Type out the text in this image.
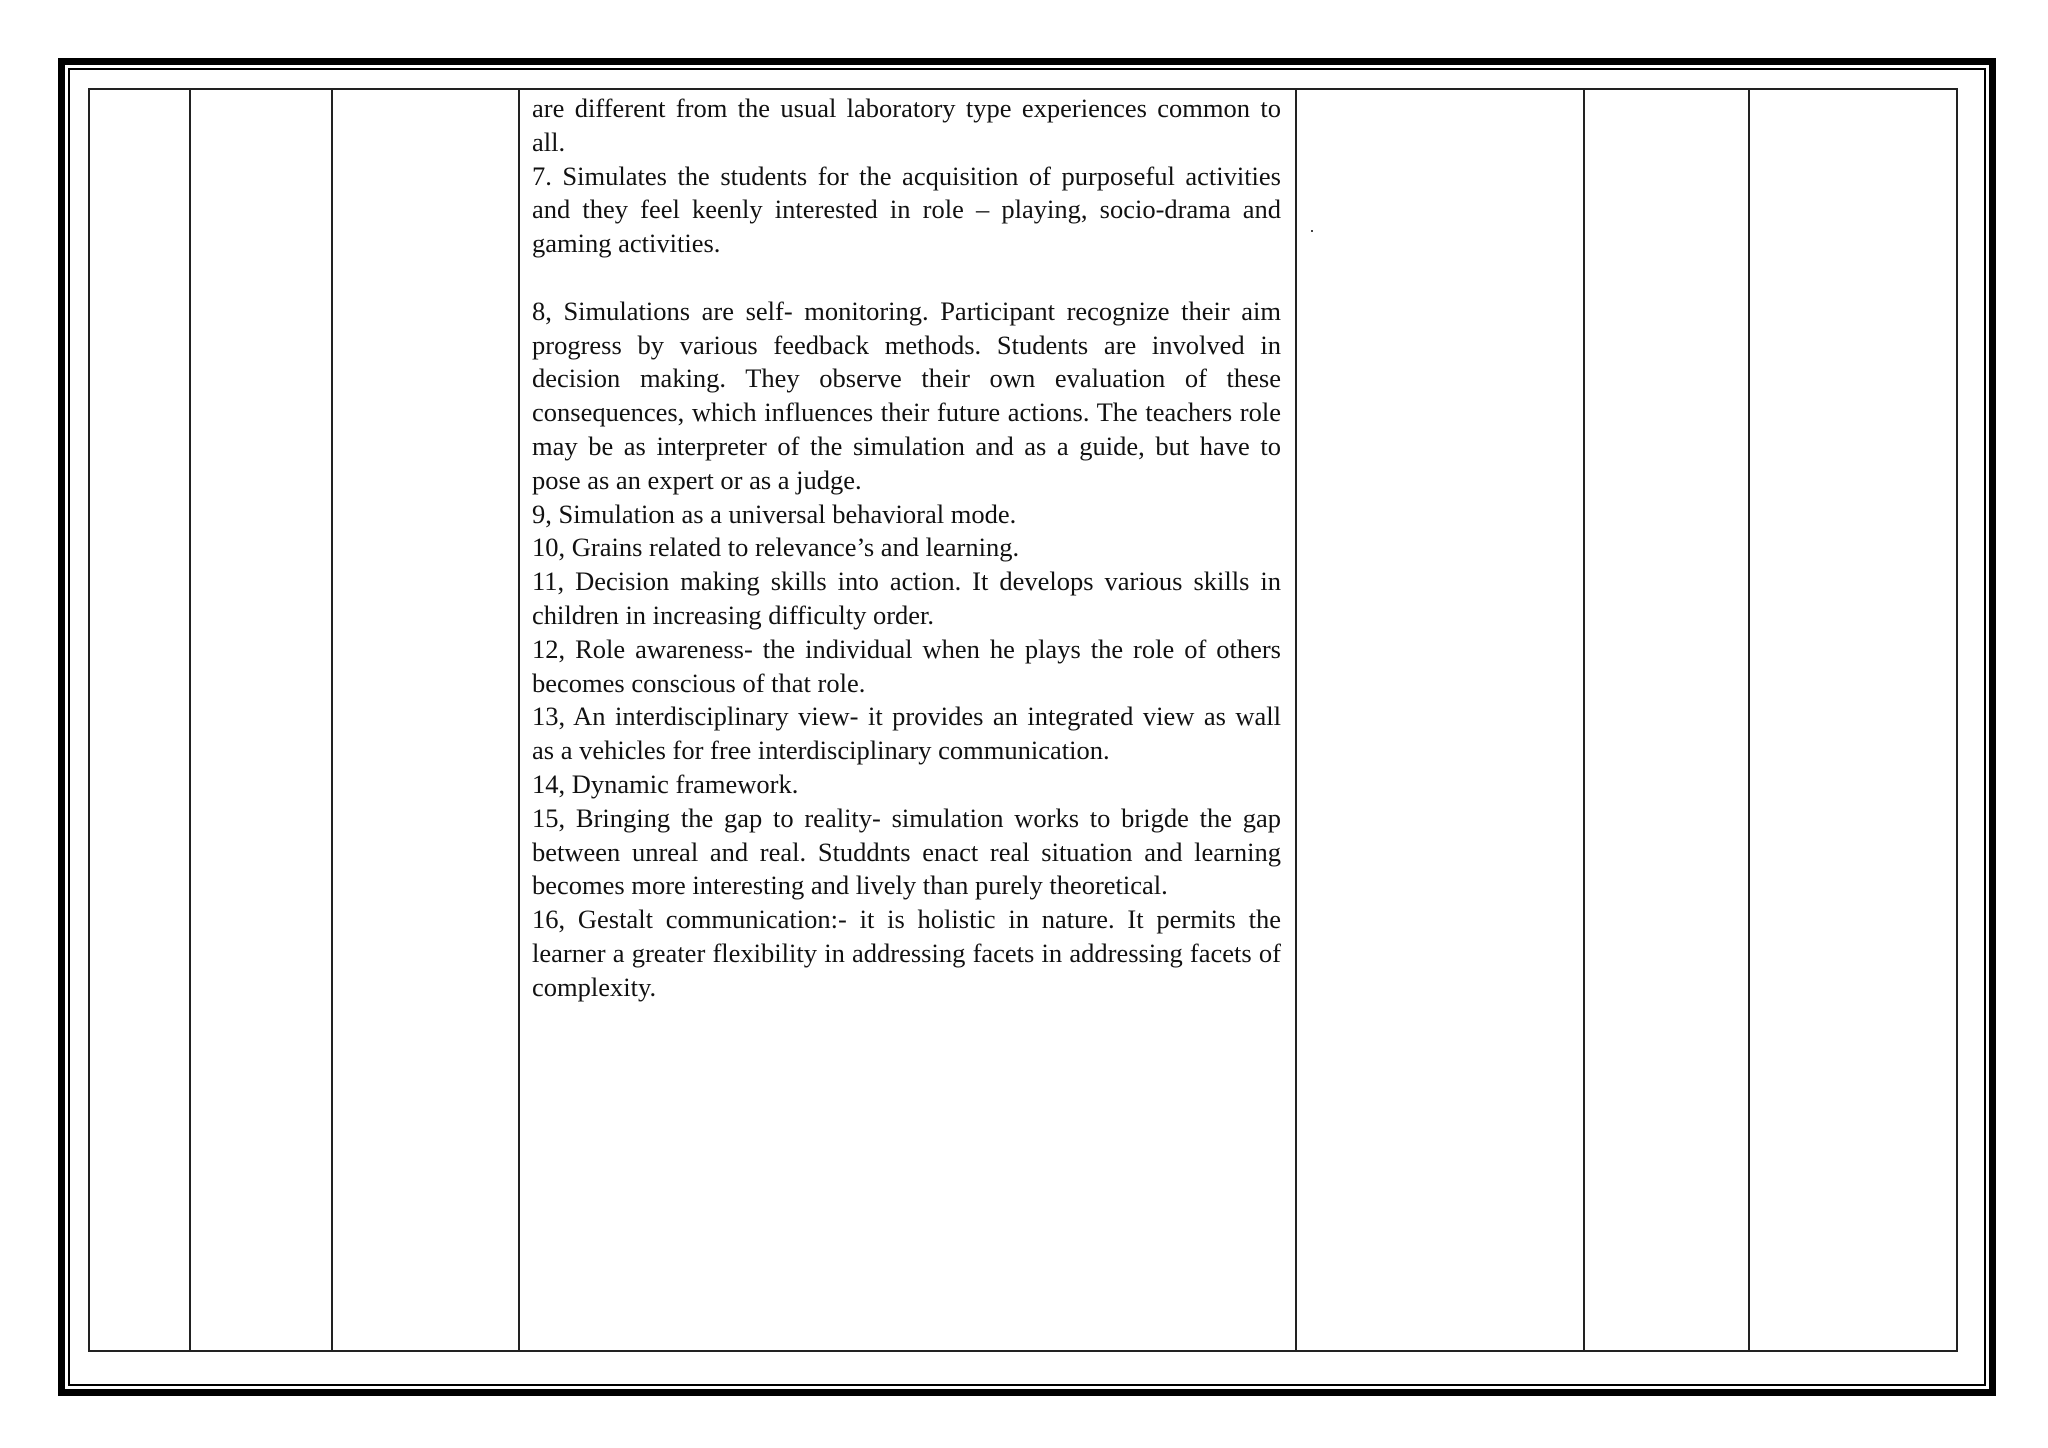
are different from the usual laboratory type experiences common to all.

7. Simulates the students for the acquisition of purposeful activities and they feel keenly interested in role – playing, socio-drama and gaming activities.

8, Simulations are self- monitoring. Participant recognize their aim progress by various feedback methods. Students are involved in decision making. They observe their own evaluation of these consequences, which influences their future actions. The teachers role may be as interpreter of the simulation and as a guide, but have to pose as an expert or as a judge.

9, Simulation as a universal behavioral mode.

10, Grains related to relevance’s and learning.

11, Decision making skills into action. It develops various skills in children in increasing difficulty order.

12, Role awareness- the individual when he plays the role of others becomes conscious of that role.

13, An interdisciplinary view- it provides an integrated view as wall as a vehicles for free interdisciplinary communication.

14, Dynamic framework.

15, Bringing the gap to reality- simulation works to brigde the gap between unreal and real. Studdnts enact real situation and learning becomes more interesting and lively than purely theoretical.

16, Gestalt communication:- it is holistic in nature. It permits the learner a greater flexibility in addressing facets in addressing facets of complexity.
